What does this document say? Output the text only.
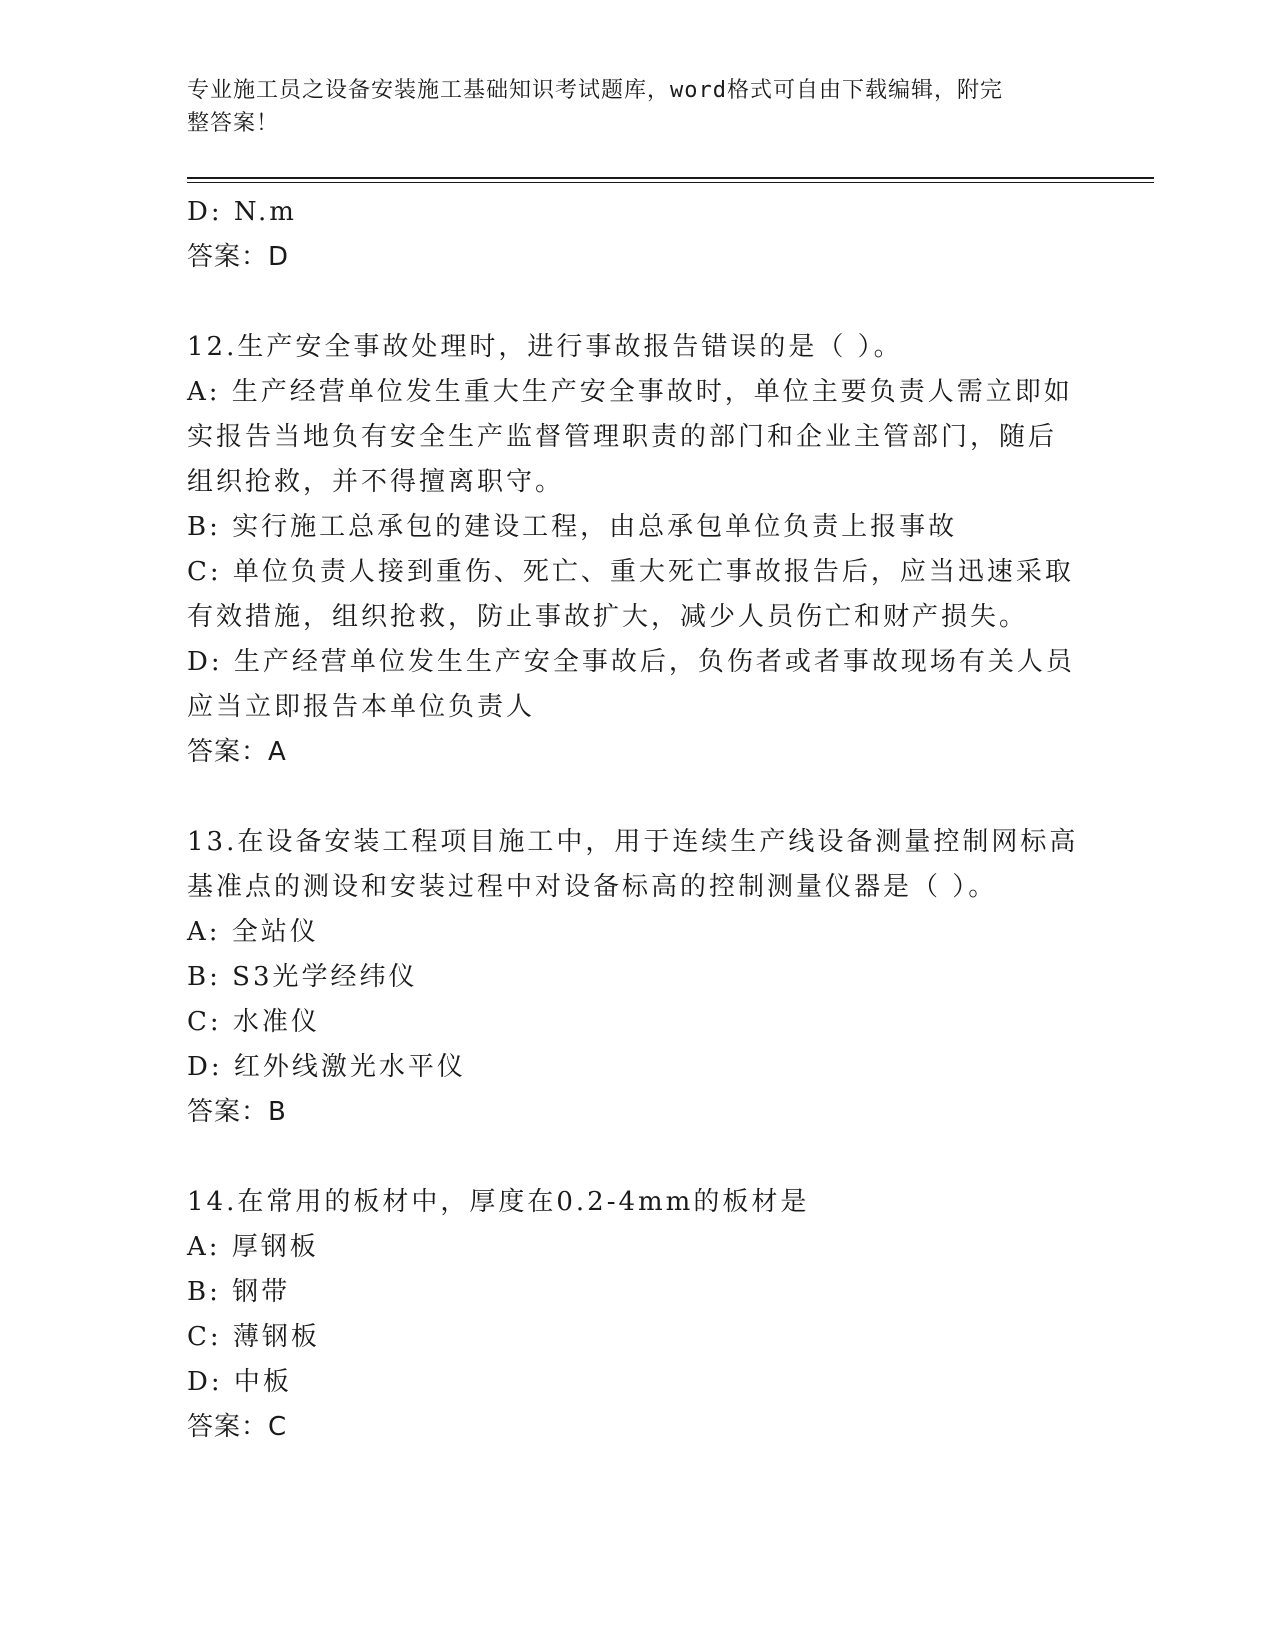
专业施工员之设备安装施工基础知识考试题库，word格式可自由下载编辑，附完
整答案！
D: N.m
答案：D
12.生产安全事故处理时，进行事故报告错误的是（ ）。
A: 生产经营单位发生重大生产安全事故时，单位主要负责人需立即如
实报告当地负有安全生产监督管理职责的部门和企业主管部门，随后
组织抢救，并不得擅离职守。
B: 实行施工总承包的建设工程，由总承包单位负责上报事故
C: 单位负责人接到重伤、死亡、重大死亡事故报告后，应当迅速采取
有效措施，组织抢救，防止事故扩大，减少人员伤亡和财产损失。
D: 生产经营单位发生生产安全事故后，负伤者或者事故现场有关人员
应当立即报告本单位负责人
答案：A
13.在设备安装工程项目施工中，用于连续生产线设备测量控制网标高
基准点的测设和安装过程中对设备标高的控制测量仪器是（ ）。
A: 全站仪
B: S3光学经纬仪
C: 水准仪
D: 红外线激光水平仪
答案：B
14.在常用的板材中，厚度在0.2-4mm的板材是
A: 厚钢板
B: 钢带
C: 薄钢板
D: 中板
答案：C
